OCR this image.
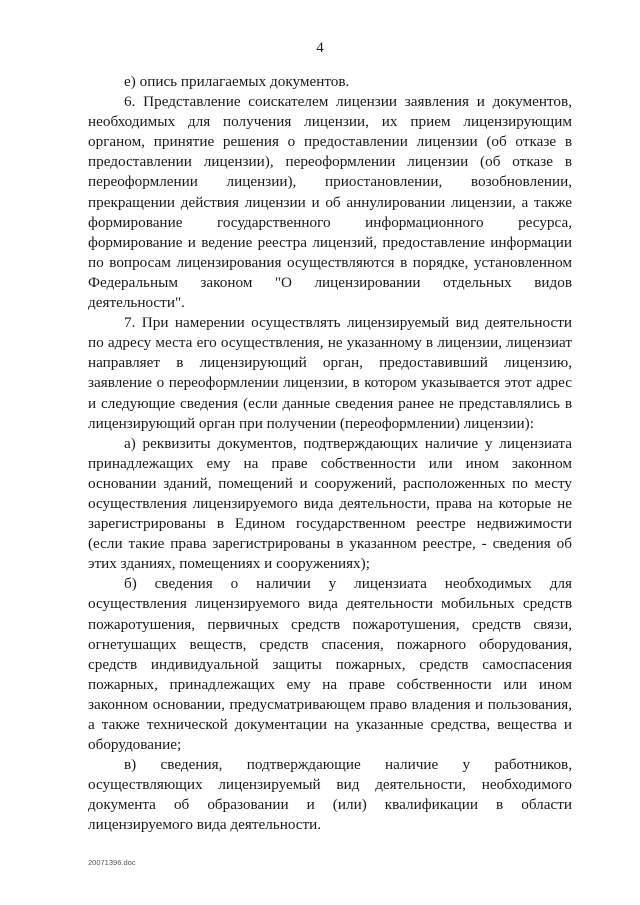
4

е) опись прилагаемых документов.

6. Представление соискателем лицензии заявления и документов, необходимых для получения лицензии, их прием лицензирующим органом, принятие решения о предоставлении лицензии (об отказе в предоставлении лицензии), переоформлении лицензии (об отказе в переоформлении лицензии), приостановлении, возобновлении, прекращении действия лицензии и об аннулировании лицензии, а также формирование государственного информационного ресурса, формирование и ведение реестра лицензий, предоставление информации по вопросам лицензирования осуществляются в порядке, установленном Федеральным законом "О лицензировании отдельных видов деятельности".

7. При намерении осуществлять лицензируемый вид деятельности по адресу места его осуществления, не указанному в лицензии, лицензиат направляет в лицензирующий орган, предоставивший лицензию, заявление о переоформлении лицензии, в котором указывается этот адрес и следующие сведения (если данные сведения ранее не представлялись в лицензирующий орган при получении (переоформлении) лицензии):

а) реквизиты документов, подтверждающих наличие у лицензиата принадлежащих ему на праве собственности или ином законном основании зданий, помещений и сооружений, расположенных по месту осуществления лицензируемого вида деятельности, права на которые не зарегистрированы в Едином государственном реестре недвижимости (если такие права зарегистрированы в указанном реестре, - сведения об этих зданиях, помещениях и сооружениях);

б) сведения о наличии у лицензиата необходимых для осуществления лицензируемого вида деятельности мобильных средств пожаротушения, первичных средств пожаротушения, средств связи, огнетушащих веществ, средств спасения, пожарного оборудования, средств индивидуальной защиты пожарных, средств самоспасения пожарных, принадлежащих ему на праве собственности или ином законном основании, предусматривающем право владения и пользования, а также технической документации на указанные средства, вещества и оборудование;

в) сведения, подтверждающие наличие у работников, осуществляющих лицензируемый вид деятельности, необходимого документа об образовании и (или) квалификации в области лицензируемого вида деятельности.

20071396.doc
